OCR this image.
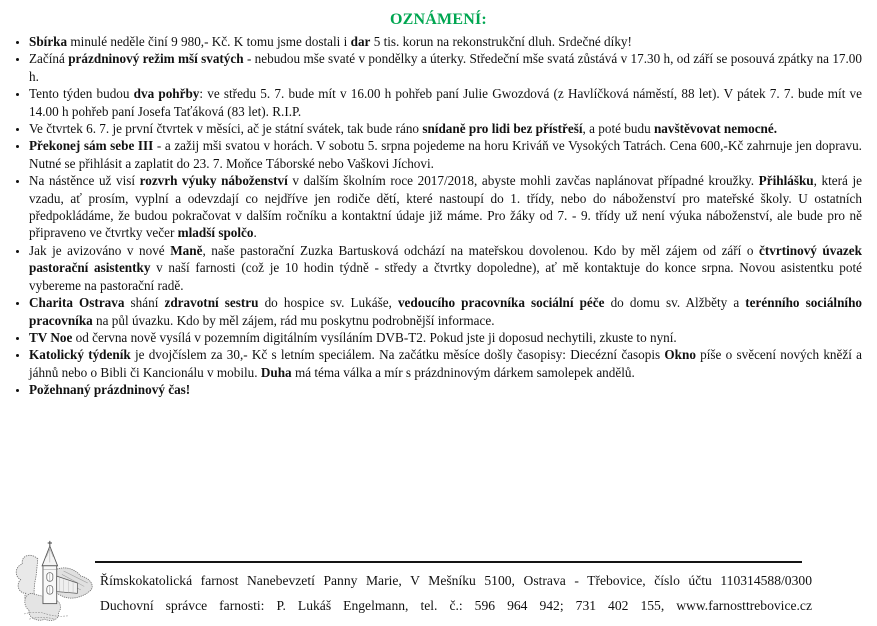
OZNÁMENÍ:
• Sbírka minulé neděle činí 9 980,- Kč. K tomu jsme dostali i dar 5 tis. korun na rekonstrukční dluh. Srdečné díky!
• Začíná prázdninový režim mší svatých - nebudou mše svaté v pondělky a úterky. Středeční mše svatá zůstává v 17.30 h, od září se posouvá zpátky na 17.00 h.
• Tento týden budou dva pohřby: ve středu 5. 7. bude mít v 16.00 h pohřeb paní Julie Gwozdová (z Havlíčková náměstí, 88 let). V pátek 7. 7. bude mít ve 14.00 h pohřeb paní Josefa Taťáková (83 let). R.I.P.
• Ve čtvrtek 6. 7. je první čtvrtek v měsíci, ač je státní svátek, tak bude ráno snídaně pro lidi bez přístřeší, a poté budu navštěvovat nemocné.
• Překonej sám sebe III - a zažij mši svatou v horách. V sobotu 5. srpna pojedeme na horu Kriváň ve Vysokých Tatrách. Cena 600,-Kč zahrnuje jen dopravu. Nutné se přihlásit a zaplatit do 23. 7. Moňce Táborské nebo Vaškovi Jíchovi.
• Na nástěnce už visí rozvrh výuky náboženství v dalším školním roce 2017/2018, abyste mohli zavčas naplánovat případné kroužky. Přihlášku, která je vzadu, ať prosím, vyplní a odevzdají co nejdříve jen rodiče dětí, které nastoupí do 1. třídy, nebo do náboženství pro mateřské školy. U ostatních předpokládáme, že budou pokračovat v dalším ročníku a kontaktní údaje již máme. Pro žáky od 7. - 9. třídy už není výuka náboženství, ale bude pro ně připraveno ve čtvrtky večer mladší spolčo.
• Jak je avizováno v nové Maně, naše pastorační Zuzka Bartusková odchází na mateřskou dovolenou. Kdo by měl zájem od září o čtvrtinový úvazek pastorační asistentky v naší farnosti (což je 10 hodin týdně - středy a čtvrtky dopoledne), ať mě kontaktuje do konce srpna. Novou asistentku poté vybereme na pastorační radě.
• Charita Ostrava shání zdravotní sestru do hospice sv. Lukáše, vedoucího pracovníka sociální péče do domu sv. Alžběty a terénního sociálního pracovníka na půl úvazku. Kdo by měl zájem, rád mu poskytnu podrobnější informace.
• TV Noe od června nově vysílá v pozemním digitálním vysíláním DVB-T2. Pokud jste ji doposud nechytili, zkuste to nyní.
• Katolický týdeník je dvojčíslem za 30,- Kč s letním speciálem. Na začátku měsíce došly časopisy: Diecézní časopis Okno píše o svěcení nových kněží a jáhnů nebo o Bibli či Kancionálu v mobilu. Duha má téma válka a mír s prázdninovým dárkem samolepek andělů.
• Požehnaný prázdninový čas!
Římskokatolická farnost Nanebevzetí Panny Marie, V Mešníku 5100, Ostrava - Třebovice, číslo účtu 110314588/0300
Duchovní správce farnosti: P. Lukáš Engelmann, tel. č.: 596 964 942; 731 402 155, www.farnosttrebovice.cz
